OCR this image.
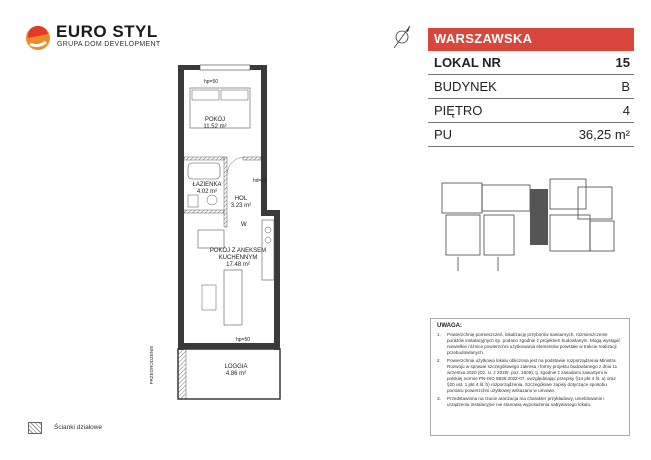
EURO STYL
GRUPA DOM DEVELOPMENT	WARSZAWSKA
LOKAL NR	15
BUDYNEK	B
PIĘTRO	4
PU	36,25 m²
POKÓJ
11.52 m²
ŁAZIENKA
4.02 m²
HOL
3.23 m²
POKÓJ Z ANEKSEM
KUCHENNYM
17.48 m²
LOGGIA
4.86 m²
hp=50
hp=50
hd=11
W
PRZEGRODZENIE
UWAGA:
1.	Powierzchnię pomieszczeń, lokalizację przyborów sanitarnych, rozmieszczenie punktów instalacyjnych itp. podano zgodnie z projektem budowlanym. Mogą wystąpić niewielkie różnice powierzchni użytkowania elementów powstałe w trakcie realizacji przebudowlanych.
2.	Powierzchnia użytkowa lokalu obliczona jest na podstawie rozporządzenia Ministra Rozwoju w sprawie szczegółowego zakresu i formy projektu budowlanego z dnia 11 września 2020 (Dz. U. z 2020r. poz. 1609), tj. zgodnie z zasadami zawartymi w polskiej normie PN-ISO 9836:2022-07, uwzględniając przepisy §14 pkt 4 lit. a) oraz §20 ust. 1 pkt 4 lit. b) rozporządzenia. Szczegółowe zapisy dotyczące sposobu pomiaru powierzchni użytkowej wskazano w umowie.
3.	Przedstawiona na rzucie aranżacja ma charakter przykładowy, umeblowanie i urządzenia instalacyjne nie stanowią wyposażenia nabywanego lokalu.
Ścianki działowe
